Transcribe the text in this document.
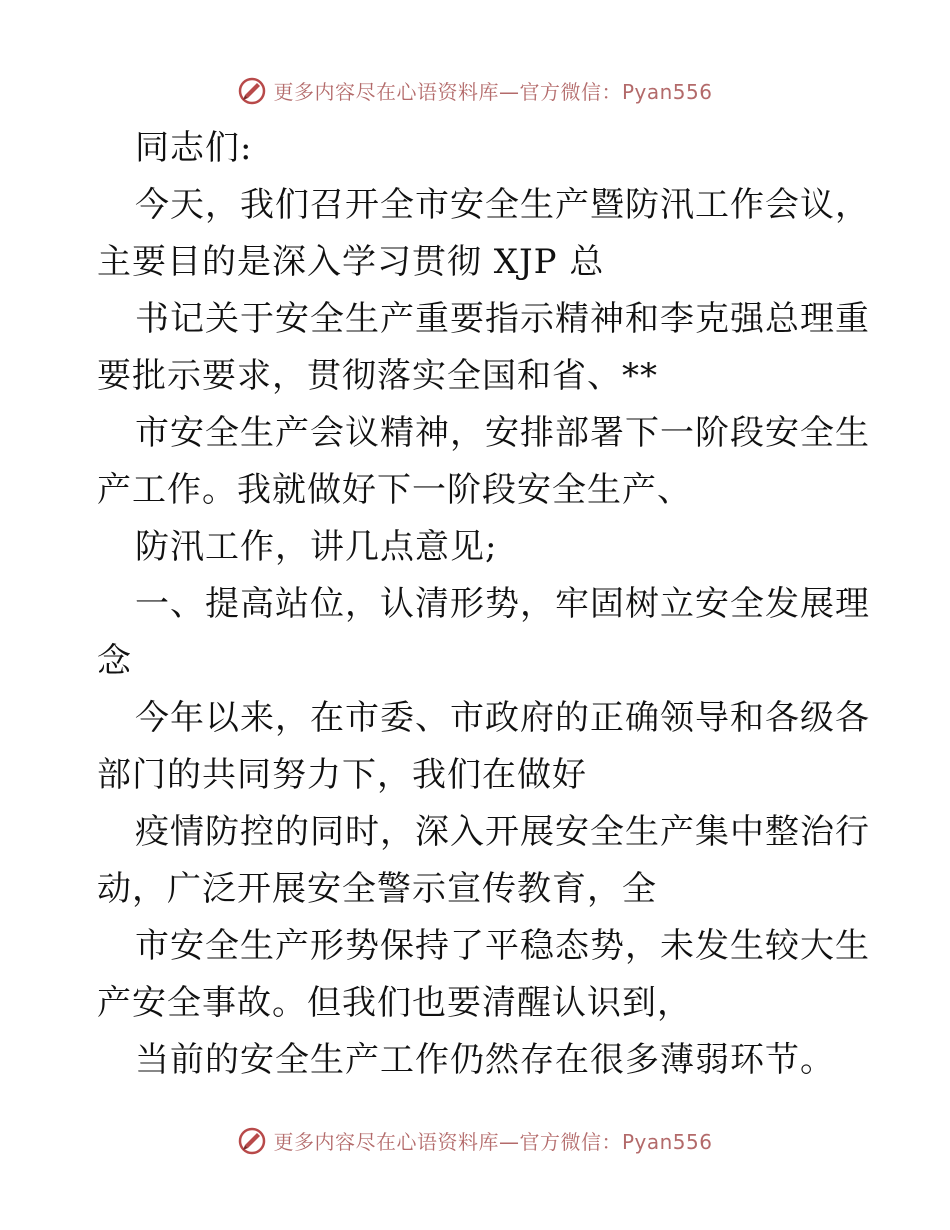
更多内容尽在心语资料库—官方微信：Pyan556
同志们:
今天，我们召开全市安全生产暨防汛工作会议，
主要目的是深入学习贯彻 XJP 总
书记关于安全生产重要指示精神和李克强总理重
要批示要求，贯彻落实全国和省、**
市安全生产会议精神，安排部署下一阶段安全生
产工作。我就做好下一阶段安全生产、
防汛工作，讲几点意见;
一、提高站位，认清形势，牢固树立安全发展理
念
今年以来，在市委、市政府的正确领导和各级各
部门的共同努力下，我们在做好
疫情防控的同时，深入开展安全生产集中整治行
动，广泛开展安全警示宣传教育，全
市安全生产形势保持了平稳态势，未发生较大生
产安全事故。但我们也要清醒认识到，
当前的安全生产工作仍然存在很多薄弱环节。
更多内容尽在心语资料库—官方微信：Pyan556
